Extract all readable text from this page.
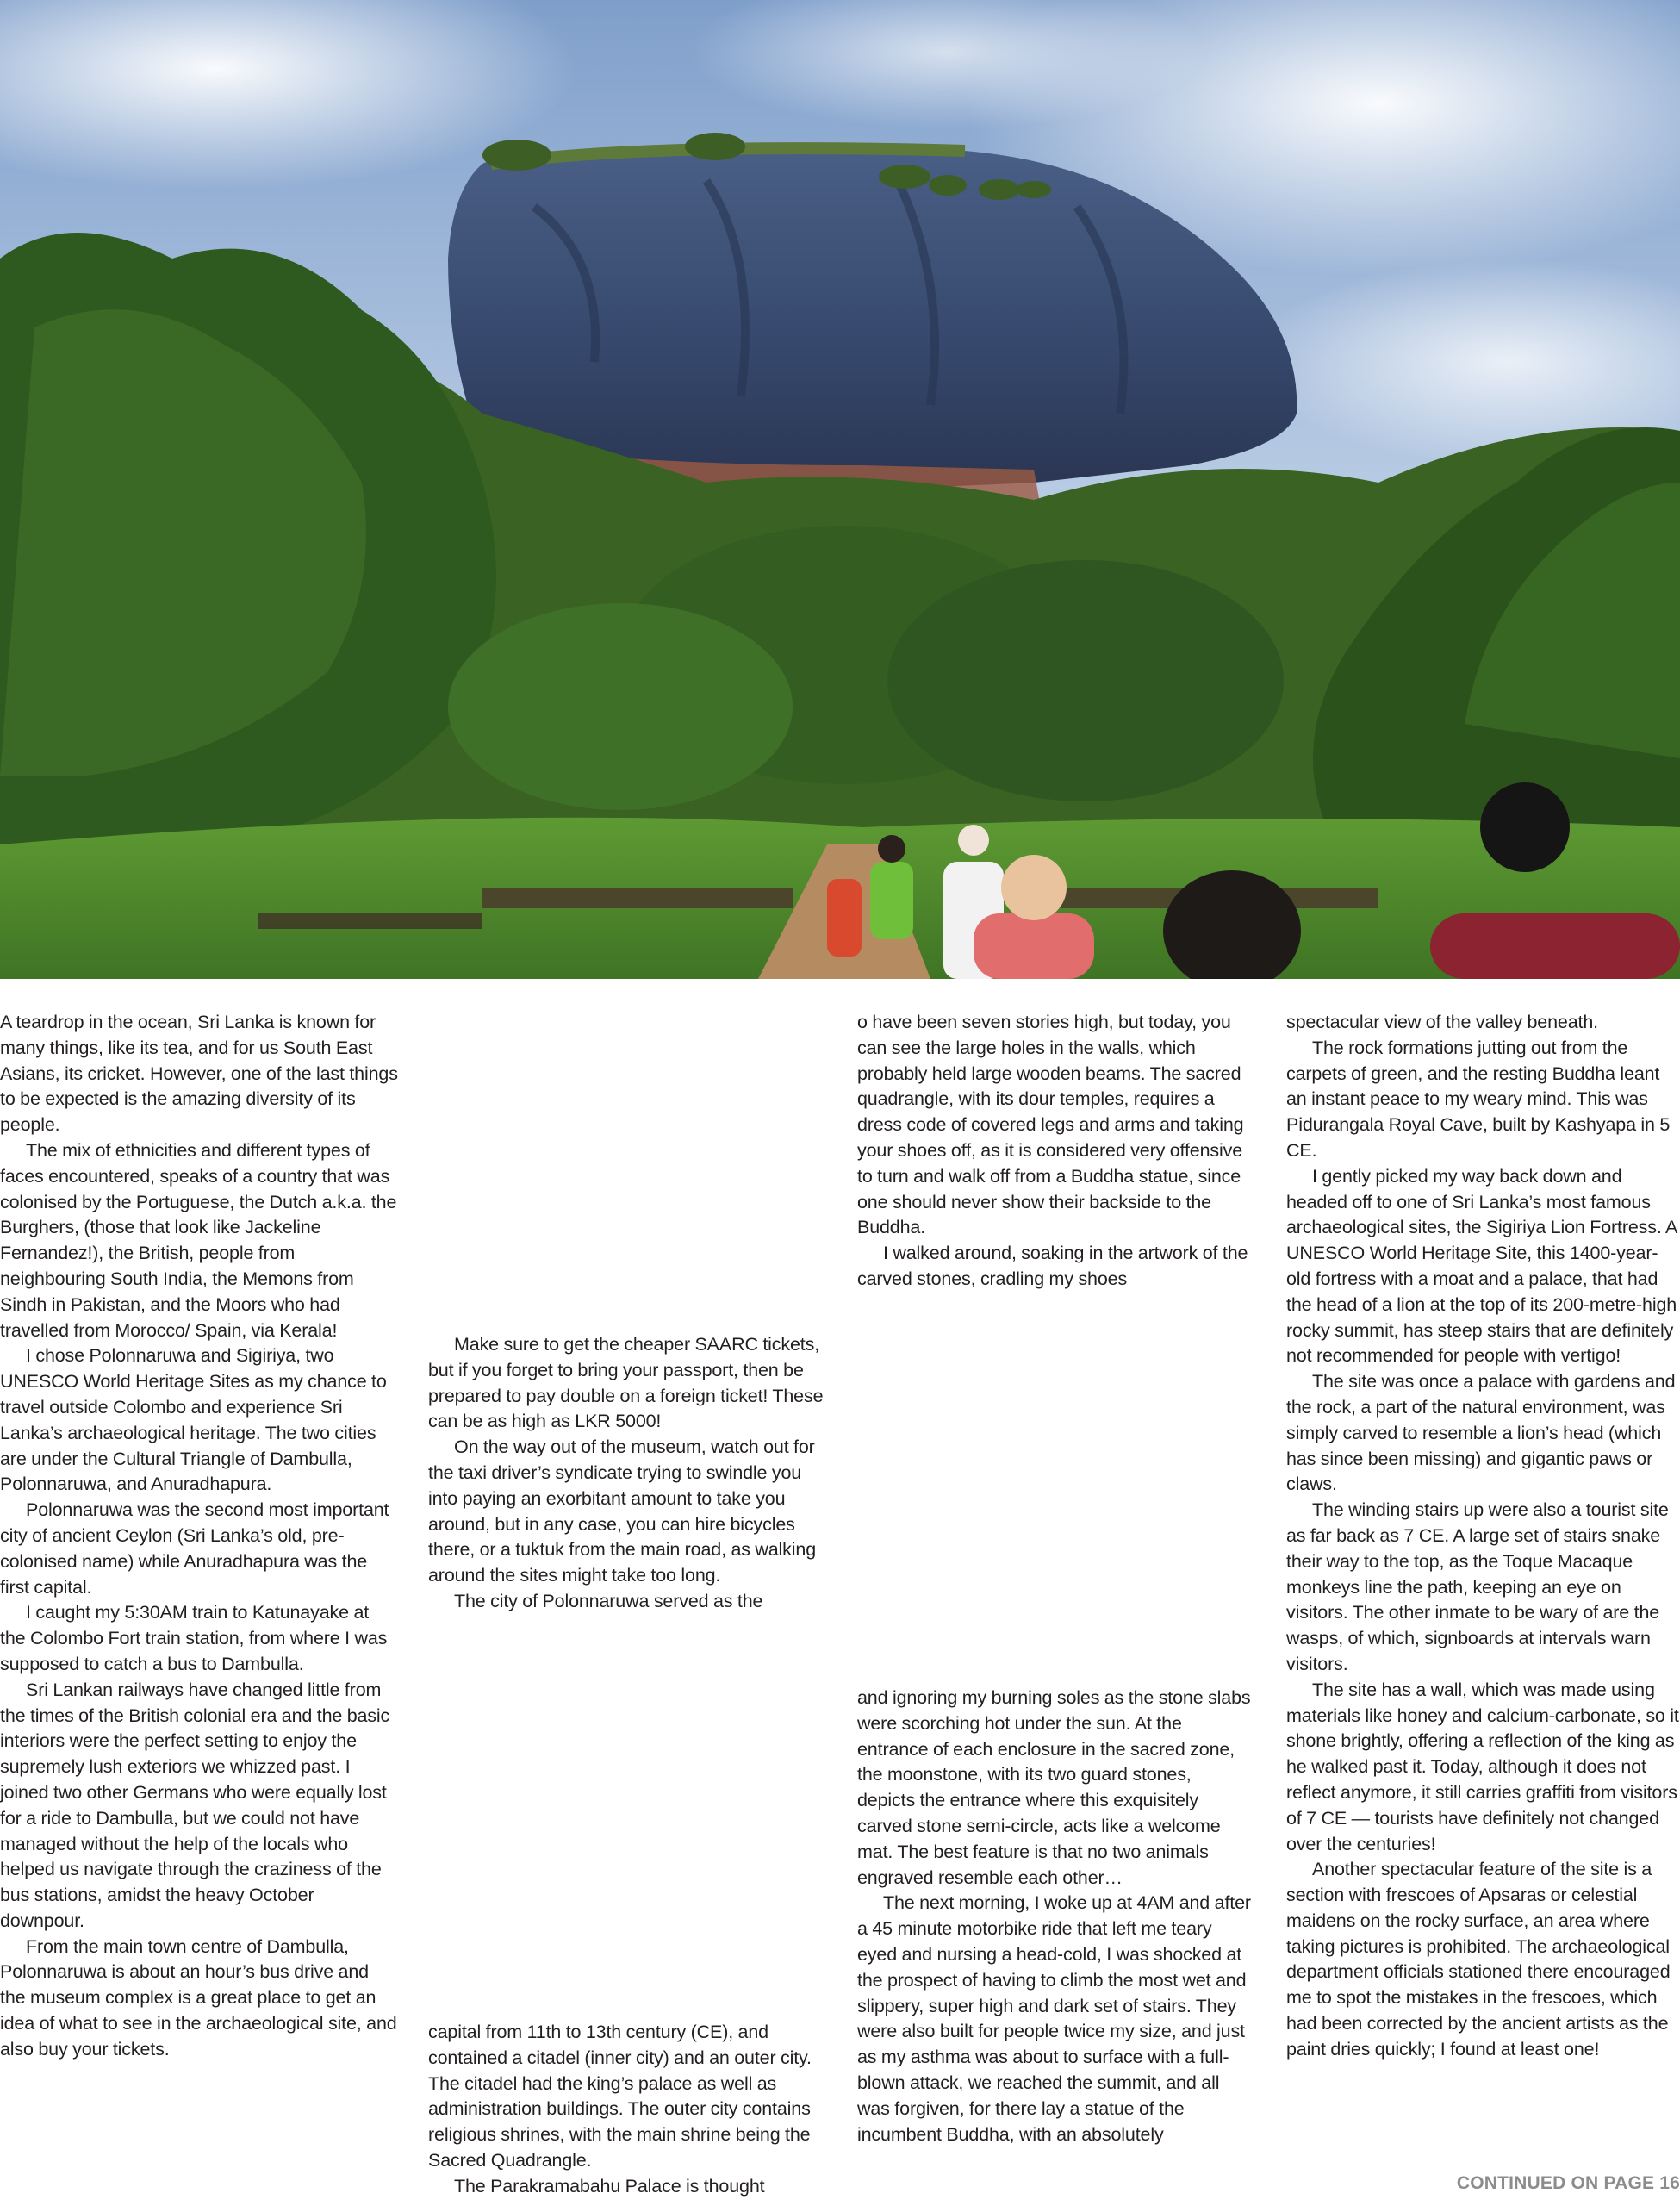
A teardrop in the ocean, Sri Lanka is known for many things, like its tea, and for us South East Asians, its cricket. However, one of the last things to be expected is the amazing diversity of its people.

The mix of ethnicities and different types of faces encountered, speaks of a country that was colonised by the Portuguese, the Dutch a.k.a. the Burghers, (those that look like Jackeline Fernandez!), the British, people from neighbouring South India, the Memons from Sindh in Pakistan, and the Moors who had travelled from Morocco/ Spain, via Kerala!

I chose Polonnaruwa and Sigiriya, two UNESCO World Heritage Sites as my chance to travel outside Colombo and experience Sri Lanka’s archaeological heritage. The two cities are under the Cultural Triangle of Dambulla, Polonnaruwa, and Anuradhapura.

Polonnaruwa was the second most important city of ancient Ceylon (Sri Lanka’s old, pre-colonised name) while Anuradhapura was the first capital.

I caught my 5:30AM train to Katunayake at the Colombo Fort train station, from where I was supposed to catch a bus to Dambulla.

Sri Lankan railways have changed little from the times of the British colonial era and the basic interiors were the perfect setting to enjoy the supremely lush exteriors we whizzed past. I joined two other Germans who were equally lost for a ride to Dambulla, but we could not have managed without the help of the locals who helped us navigate through the craziness of the bus stations, amidst the heavy October downpour.

From the main town centre of Dambulla, Polonnaruwa is about an hour’s bus drive and the museum complex is a great place to get an idea of what to see in the archaeological site, and also buy your tickets.

Make sure to get the cheaper SAARC tickets, but if you forget to bring your passport, then be prepared to pay double on a foreign ticket! These can be as high as LKR 5000!

On the way out of the museum, watch out for the taxi driver’s syndicate trying to swindle you into paying an exorbitant amount to take you around, but in any case, you can hire bicycles there, or a tuktuk from the main road, as walking around the sites might take too long.

The city of Polonnaruwa served as the

capital from 11th to 13th century (CE), and contained a citadel (inner city) and an outer city. The citadel had the king’s palace as well as administration buildings. The outer city contains religious shrines, with the main shrine being the Sacred Quadrangle.

The Parakramabahu Palace is thought

o have been seven stories high, but today, you can see the large holes in the walls, which probably held large wooden beams. The sacred quadrangle, with its dour temples, requires a dress code of covered legs and arms and taking your shoes off, as it is considered very offensive to turn and walk off from a Buddha statue, since one should never show their backside to the Buddha.

I walked around, soaking in the artwork of the carved stones, cradling my shoes

and ignoring my burning soles as the stone slabs were scorching hot under the sun. At the entrance of each enclosure in the sacred zone, the moonstone, with its two guard stones, depicts the entrance where this exquisitely carved stone semi-circle, acts like a welcome mat. The best feature is that no two animals engraved resemble each other…

The next morning, I woke up at 4AM and after a 45 minute motorbike ride that left me teary eyed and nursing a head-cold, I was shocked at the prospect of having to climb the most wet and slippery, super high and dark set of stairs. They were also built for people twice my size, and just as my asthma was about to surface with a full-blown attack, we reached the summit, and all was forgiven, for there lay a statue of the incumbent Buddha, with an absolutely

spectacular view of the valley beneath.

The rock formations jutting out from the carpets of green, and the resting Buddha leant an instant peace to my weary mind. This was Pidurangala Royal Cave, built by Kashyapa in 5 CE.

I gently picked my way back down and headed off to one of Sri Lanka’s most famous archaeological sites, the Sigiriya Lion Fortress. A UNESCO World Heritage Site, this 1400-year-old fortress with a moat and a palace, that had the head of a lion at the top of its 200-metre-high rocky summit, has steep stairs that are definitely not recommended for people with vertigo!

The site was once a palace with gardens and the rock, a part of the natural environment, was simply carved to resemble a lion’s head (which has since been missing) and gigantic paws or claws.

The winding stairs up were also a tourist site as far back as 7 CE. A large set of stairs snake their way to the top, as the Toque Macaque monkeys line the path, keeping an eye on visitors. The other inmate to be wary of are the wasps, of which, signboards at intervals warn visitors.

The site has a wall, which was made using materials like honey and calcium-carbonate, so it shone brightly, offering a reflection of the king as he walked past it. Today, although it does not reflect anymore, it still carries graffiti from visitors of 7 CE — tourists have definitely not changed over the centuries!

Another spectacular feature of the site is a section with frescoes of Apsaras or celestial maidens on the rocky surface, an area where taking pictures is prohibited. The archaeological department officials stationed there encouraged me to spot the mistakes in the frescoes, which had been corrected by the ancient artists as the paint dries quickly; I found at least one!

CONTINUED ON PAGE 16
